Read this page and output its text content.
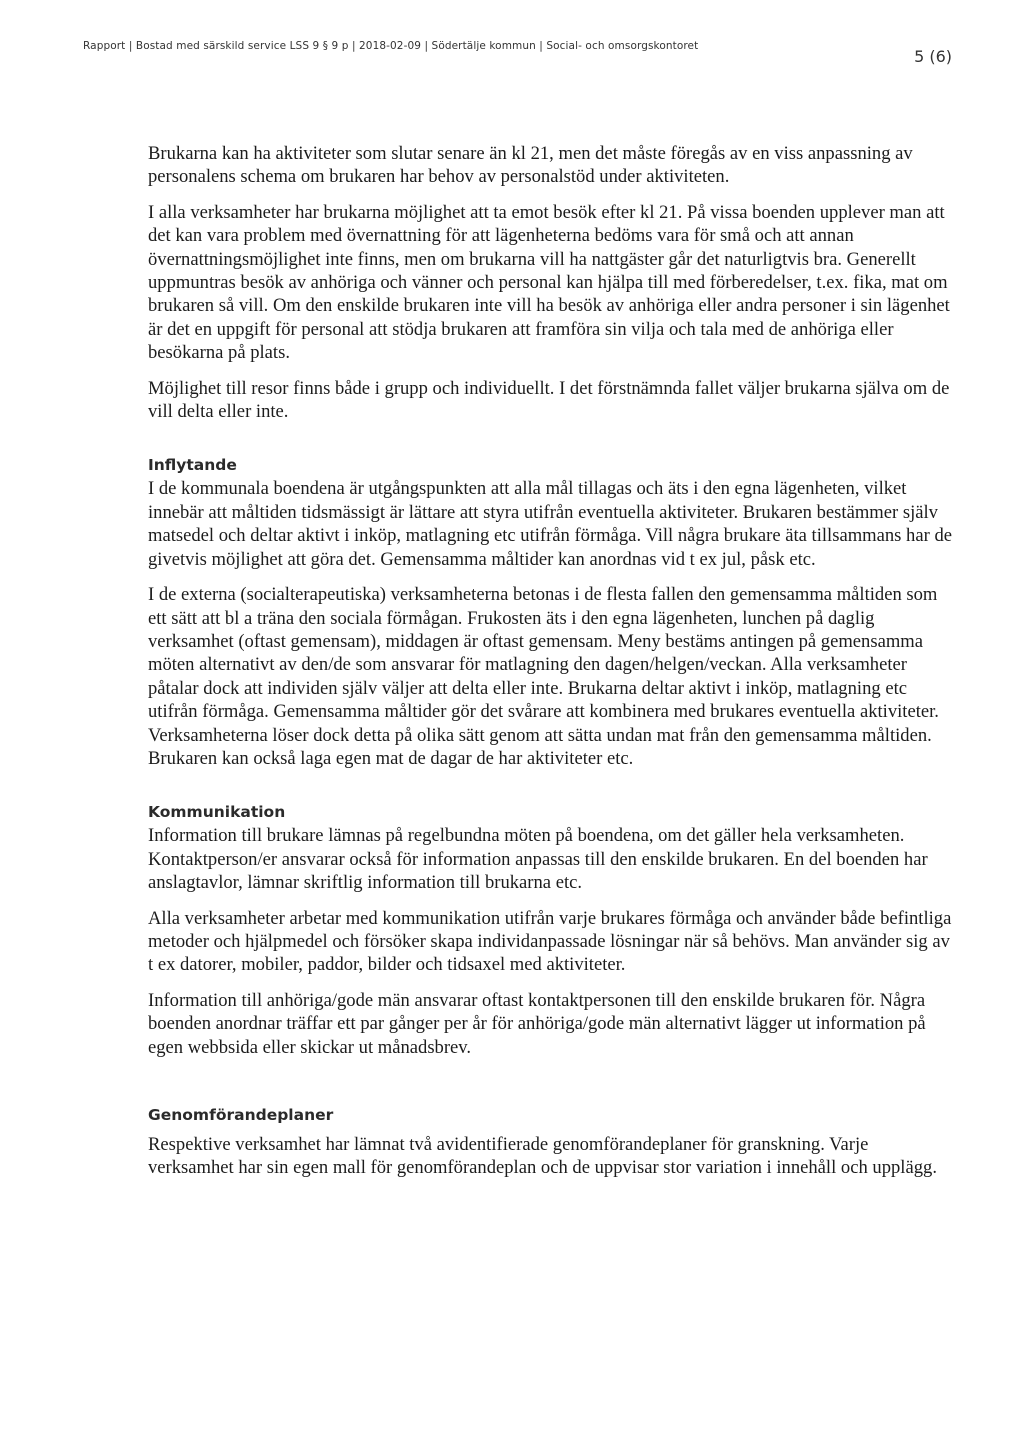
Rapport | Bostad med särskild service LSS 9 § 9 p | 2018-02-09 | Södertälje kommun | Social- och omsorgskontoret
5 (6)

Brukarna kan ha aktiviteter som slutar senare än kl 21, men det måste föregås av en viss anpassning av personalens schema om brukaren har behov av personalstöd under aktiviteten.

I alla verksamheter har brukarna möjlighet att ta emot besök efter kl 21. På vissa boenden upplever man att det kan vara problem med övernattning för att lägenheterna bedöms vara för små och att annan övernattningsmöjlighet inte finns, men om brukarna vill ha nattgäster går det naturligtvis bra. Generellt uppmuntras besök av anhöriga och vänner och personal kan hjälpa till med förberedelser, t.ex. fika, mat om brukaren så vill. Om den enskilde brukaren inte vill ha besök av anhöriga eller andra personer i sin lägenhet är det en uppgift för personal att stödja brukaren att framföra sin vilja och tala med de anhöriga eller besökarna på plats.

Möjlighet till resor finns både i grupp och individuellt. I det förstnämnda fallet väljer brukarna själva om de vill delta eller inte.

Inflytande

I de kommunala boendena är utgångspunkten att alla mål tillagas och äts i den egna lägenheten, vilket innebär att måltiden tidsmässigt är lättare att styra utifrån eventuella aktiviteter. Brukaren bestämmer själv matsedel och deltar aktivt i inköp, matlagning etc utifrån förmåga. Vill några brukare äta tillsammans har de givetvis möjlighet att göra det. Gemensamma måltider kan anordnas vid t ex jul, påsk etc.

I de externa (socialterapeutiska) verksamheterna betonas i de flesta fallen den gemensamma måltiden som ett sätt att bl a träna den sociala förmågan. Frukosten äts i den egna lägenheten, lunchen på daglig verksamhet (oftast gemensam), middagen är oftast gemensam. Meny bestäms antingen på gemensamma möten alternativt av den/de som ansvarar för matlagning den dagen/helgen/veckan. Alla verksamheter påtalar dock att individen själv väljer att delta eller inte. Brukarna deltar aktivt i inköp, matlagning etc utifrån förmåga. Gemensamma måltider gör det svårare att kombinera med brukares eventuella aktiviteter. Verksamheterna löser dock detta på olika sätt genom att sätta undan mat från den gemensamma måltiden. Brukaren kan också laga egen mat de dagar de har aktiviteter etc.

Kommunikation

Information till brukare lämnas på regelbundna möten på boendena, om det gäller hela verksamheten. Kontaktperson/er ansvarar också för information anpassas till den enskilde brukaren. En del boenden har anslagtavlor, lämnar skriftlig information till brukarna etc.

Alla verksamheter arbetar med kommunikation utifrån varje brukares förmåga och använder både befintliga metoder och hjälpmedel och försöker skapa individanpassade lösningar när så behövs. Man använder sig av t ex datorer, mobiler, paddor, bilder och tidsaxel med aktiviteter.

Information till anhöriga/gode män ansvarar oftast kontaktpersonen till den enskilde brukaren för. Några boenden anordnar träffar ett par gånger per år för anhöriga/gode män alternativt lägger ut information på egen webbsida eller skickar ut månadsbrev.

Genomförandeplaner

Respektive verksamhet har lämnat två avidentifierade genomförandeplaner för granskning. Varje verksamhet har sin egen mall för genomförandeplan och de uppvisar stor variation i innehåll och upplägg.
